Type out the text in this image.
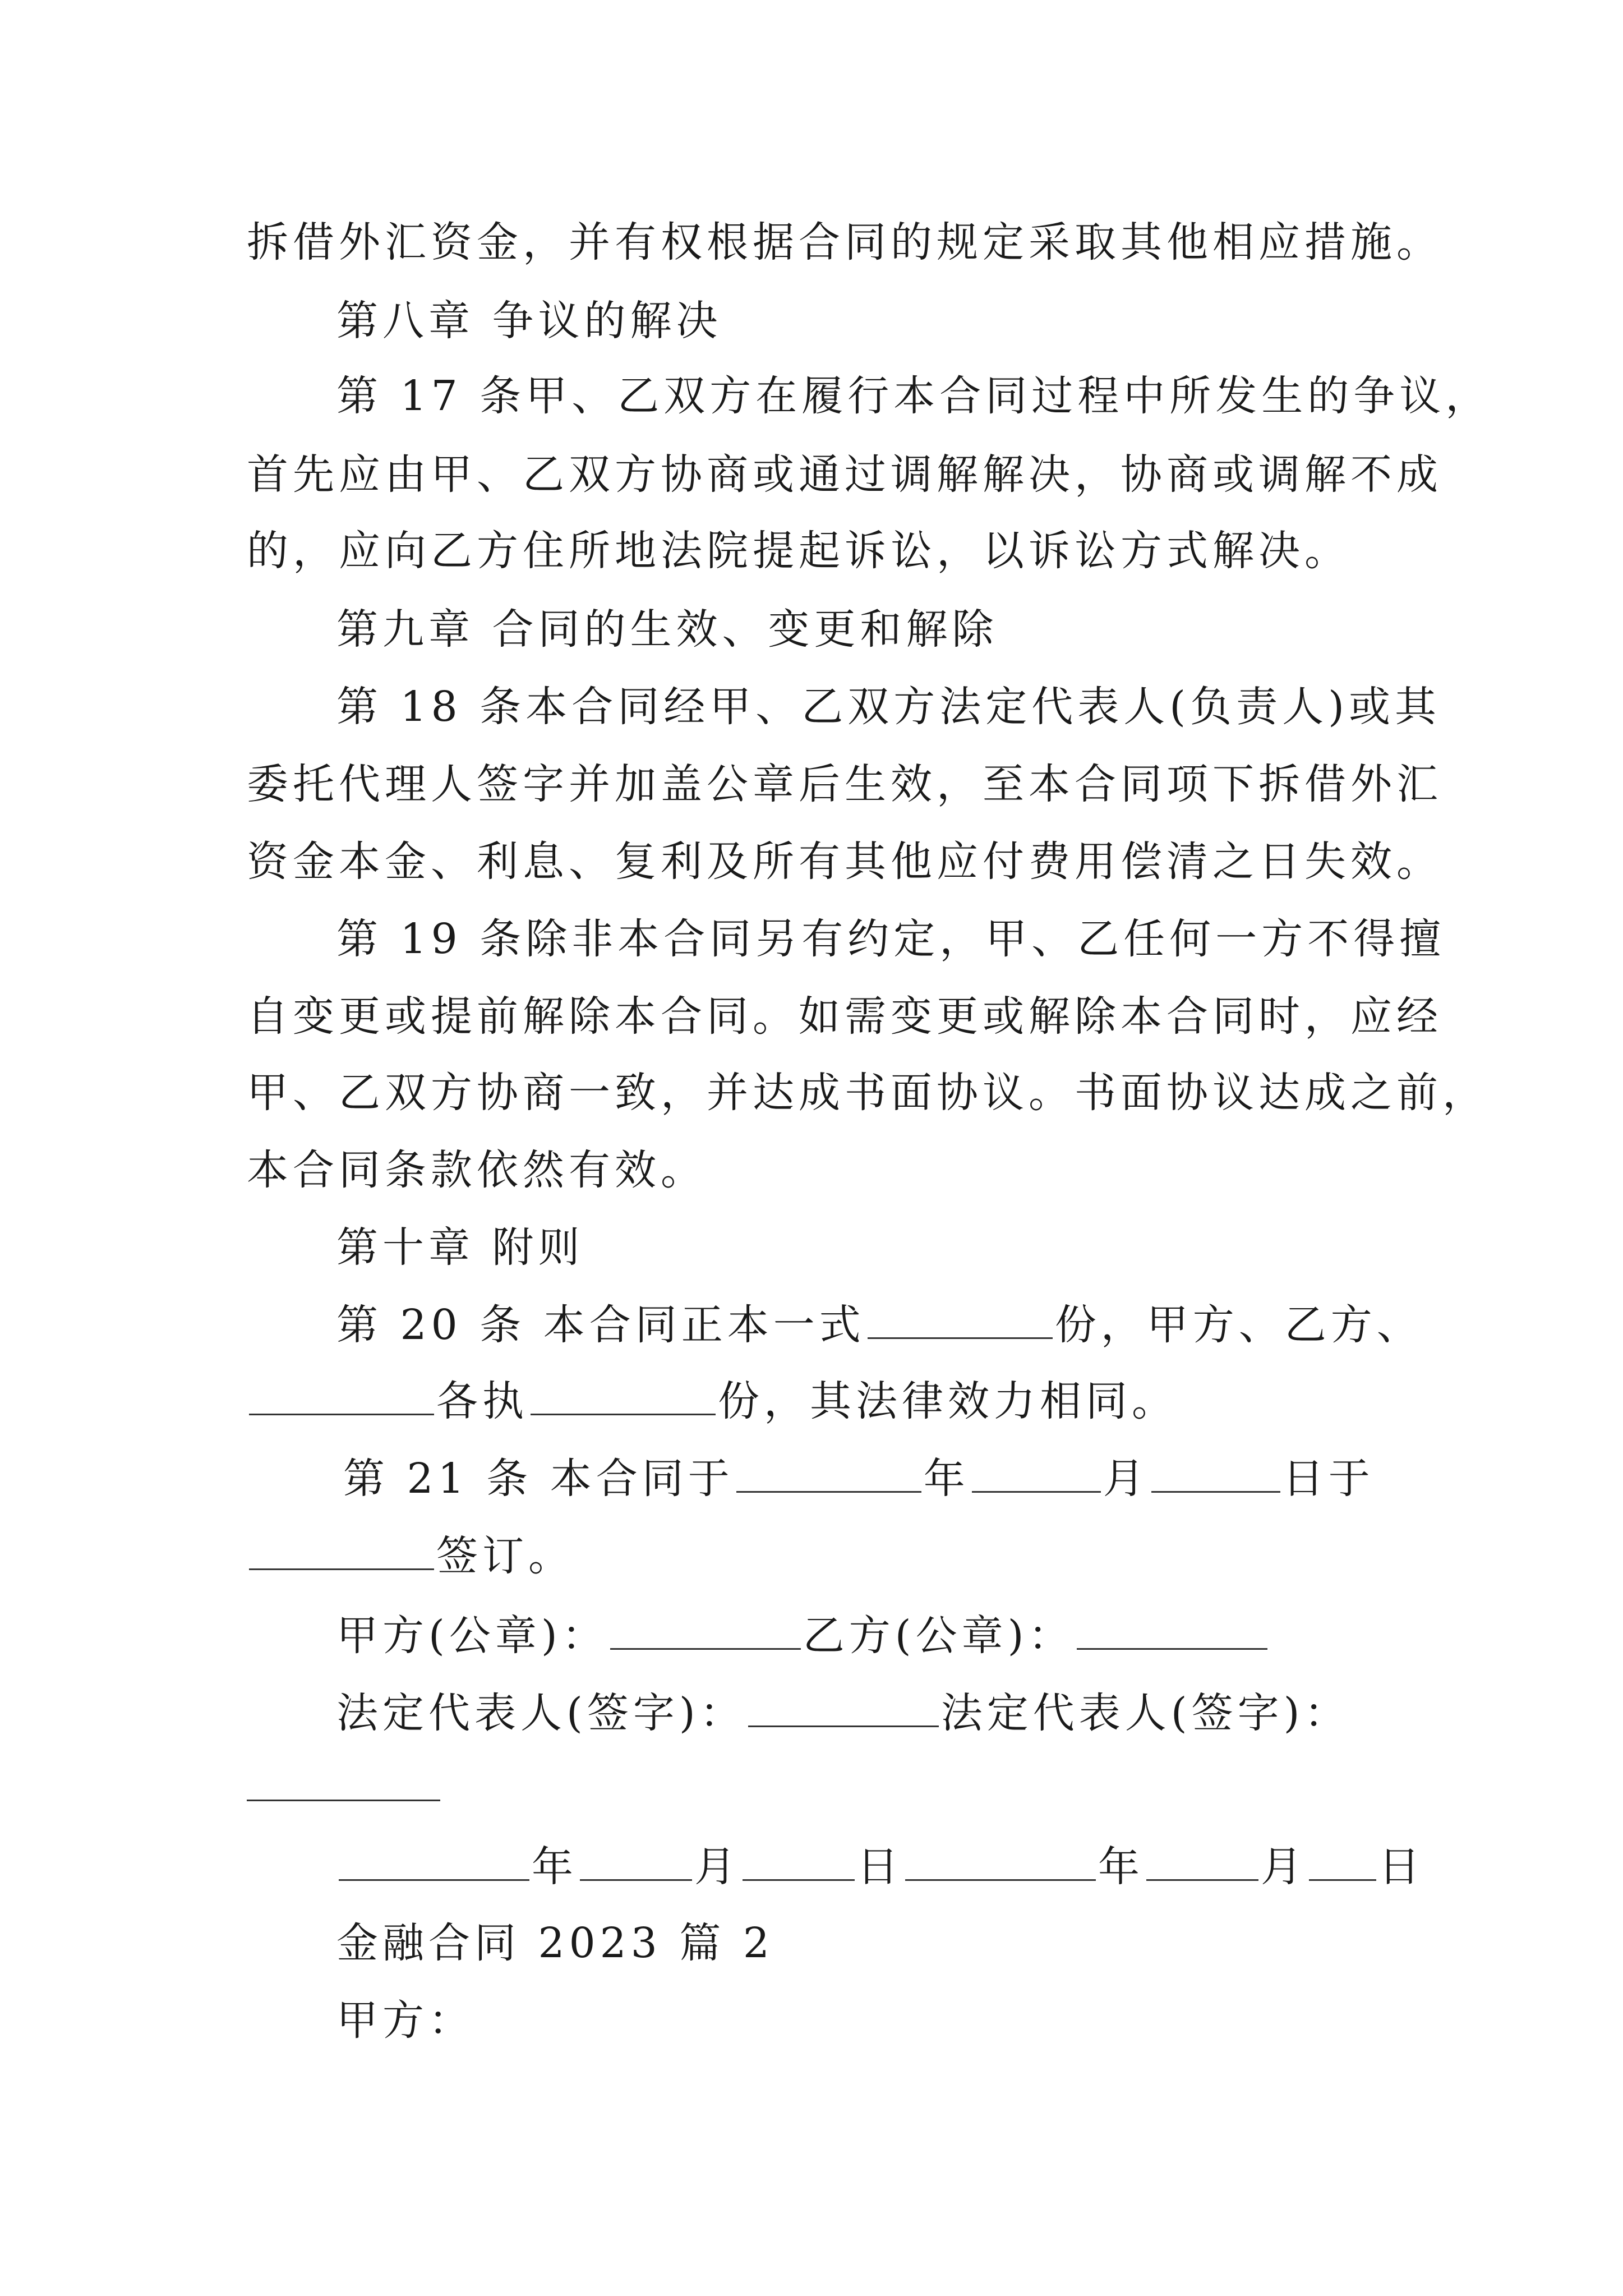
拆借外汇资金，并有权根据合同的规定采取其他相应措施。
第八章 争议的解决
第 17 条甲、乙双方在履行本合同过程中所发生的争议，
首先应由甲、乙双方协商或通过调解解决，协商或调解不成
的，应向乙方住所地法院提起诉讼，以诉讼方式解决。
第九章 合同的生效、变更和解除
第 18 条本合同经甲、乙双方法定代表人(负责人)或其
委托代理人签字并加盖公章后生效，至本合同项下拆借外汇
资金本金、利息、复利及所有其他应付费用偿清之日失效。
第 19 条除非本合同另有约定，甲、乙任何一方不得擅
自变更或提前解除本合同。如需变更或解除本合同时，应经
甲、乙双方协商一致，并达成书面协议。书面协议达成之前，
本合同条款依然有效。
第十章 附则
第 20 条 本合同正本一式	份，甲方、乙方、
各执	份，其法律效力相同。
第 21 条 本合同于	年	月	日于
签订。
甲方(公章)：	乙方(公章)：
法定代表人(签字)：	法定代表人(签字)：
年	月	日	年	月 日
金融合同 2023 篇 2
甲方：
